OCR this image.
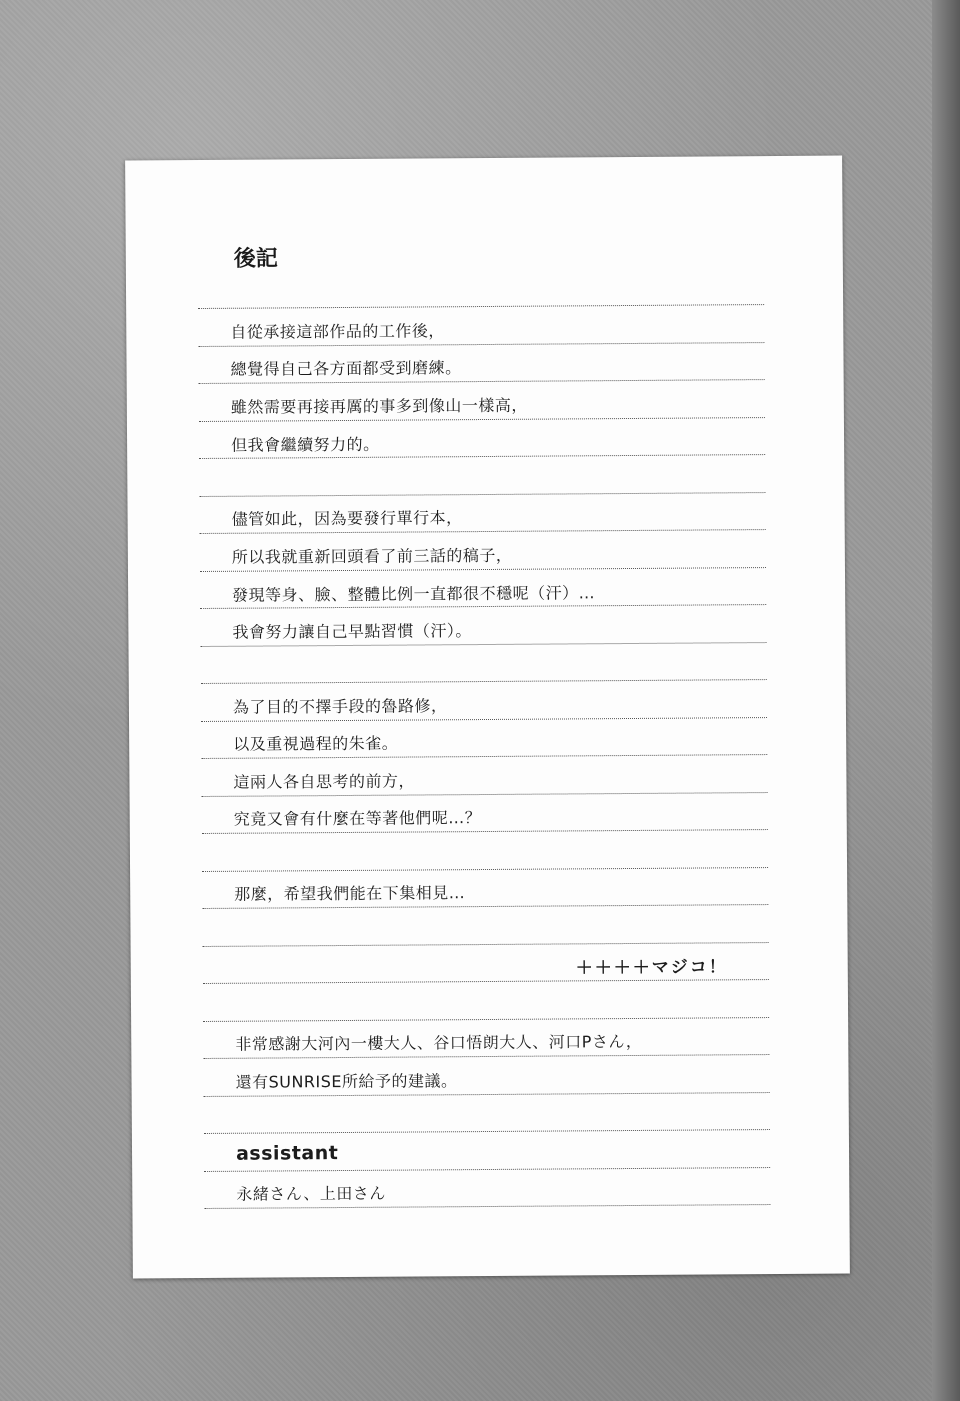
後記
自從承接這部作品的工作後，
總覺得自己各方面都受到磨練。
雖然需要再接再厲的事多到像山一樣高，
但我會繼續努力的。
儘管如此，因為要發行單行本，
所以我就重新回頭看了前三話的稿子，
發現等身、臉、整體比例一直都很不穩呢（汗）…
我會努力讓自己早點習慣（汗）。
為了目的不擇手段的魯路修，
以及重視過程的朱雀。
這兩人各自思考的前方，
究竟又會有什麼在等著他們呢…？
那麼，希望我們能在下集相見…
＋＋＋＋マジコ！
非常感謝大河內一樓大人、谷口悟朗大人、河口Pさん，
還有SUNRISE所給予的建議。
assistant
永緒さん、上田さん
